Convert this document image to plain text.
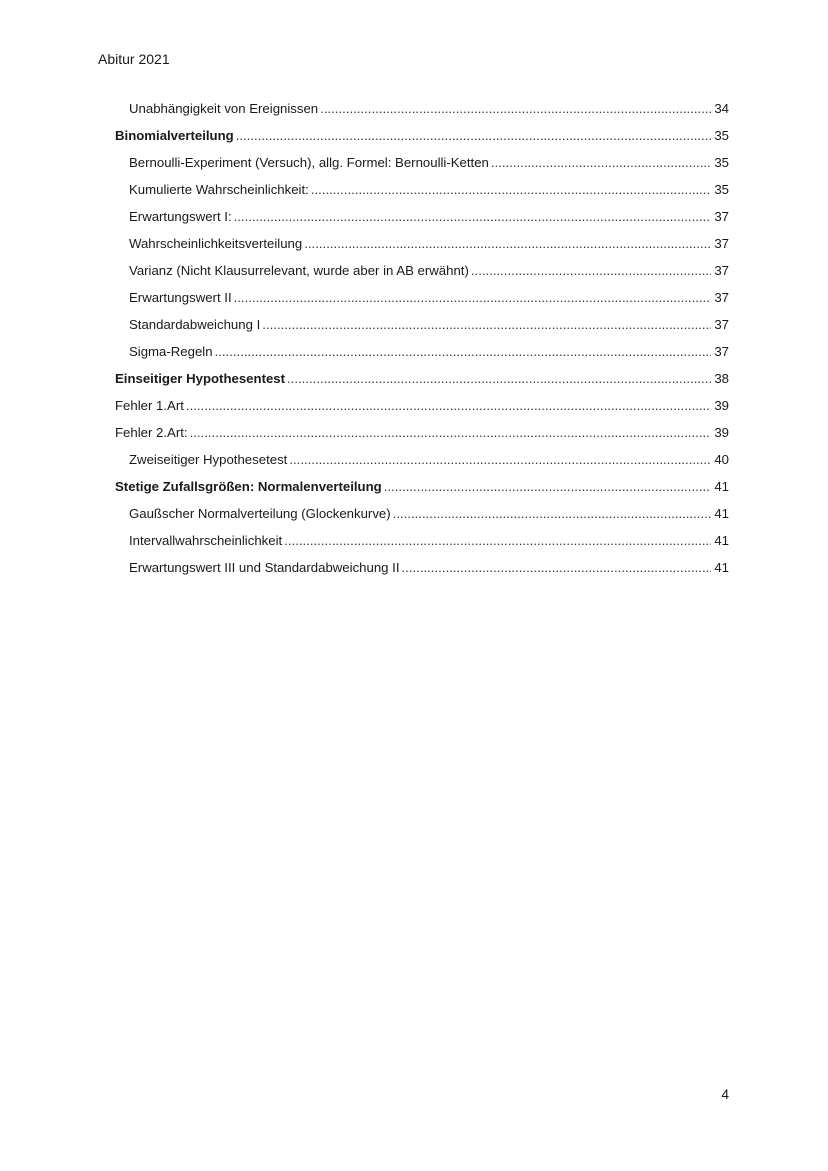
Abitur 2021
Unabhängigkeit von Ereignissen .....	34
Binomialverteilung .....	35
Bernoulli-Experiment (Versuch), allg. Formel: Bernoulli-Ketten .....	35
Kumulierte Wahrscheinlichkeit: .....	35
Erwartungswert I: .....	37
Wahrscheinlichkeitsverteilung .....	37
Varianz (Nicht Klausurrelevant, wurde aber in AB erwähnt) .....	37
Erwartungswert II .....	37
Standardabweichung I .....	37
Sigma-Regeln .....	37
Einseitiger Hypothesentest .....	38
Fehler 1.Art .....	39
Fehler 2.Art: .....	39
Zweiseitiger Hypothesetest .....	40
Stetige Zufallsgrößen: Normalenverteilung .....	41
Gaußscher Normalverteilung (Glockenkurve) .....	41
Intervallwahrscheinlichkeit .....	41
Erwartungswert III und Standardabweichung II .....	41
4
